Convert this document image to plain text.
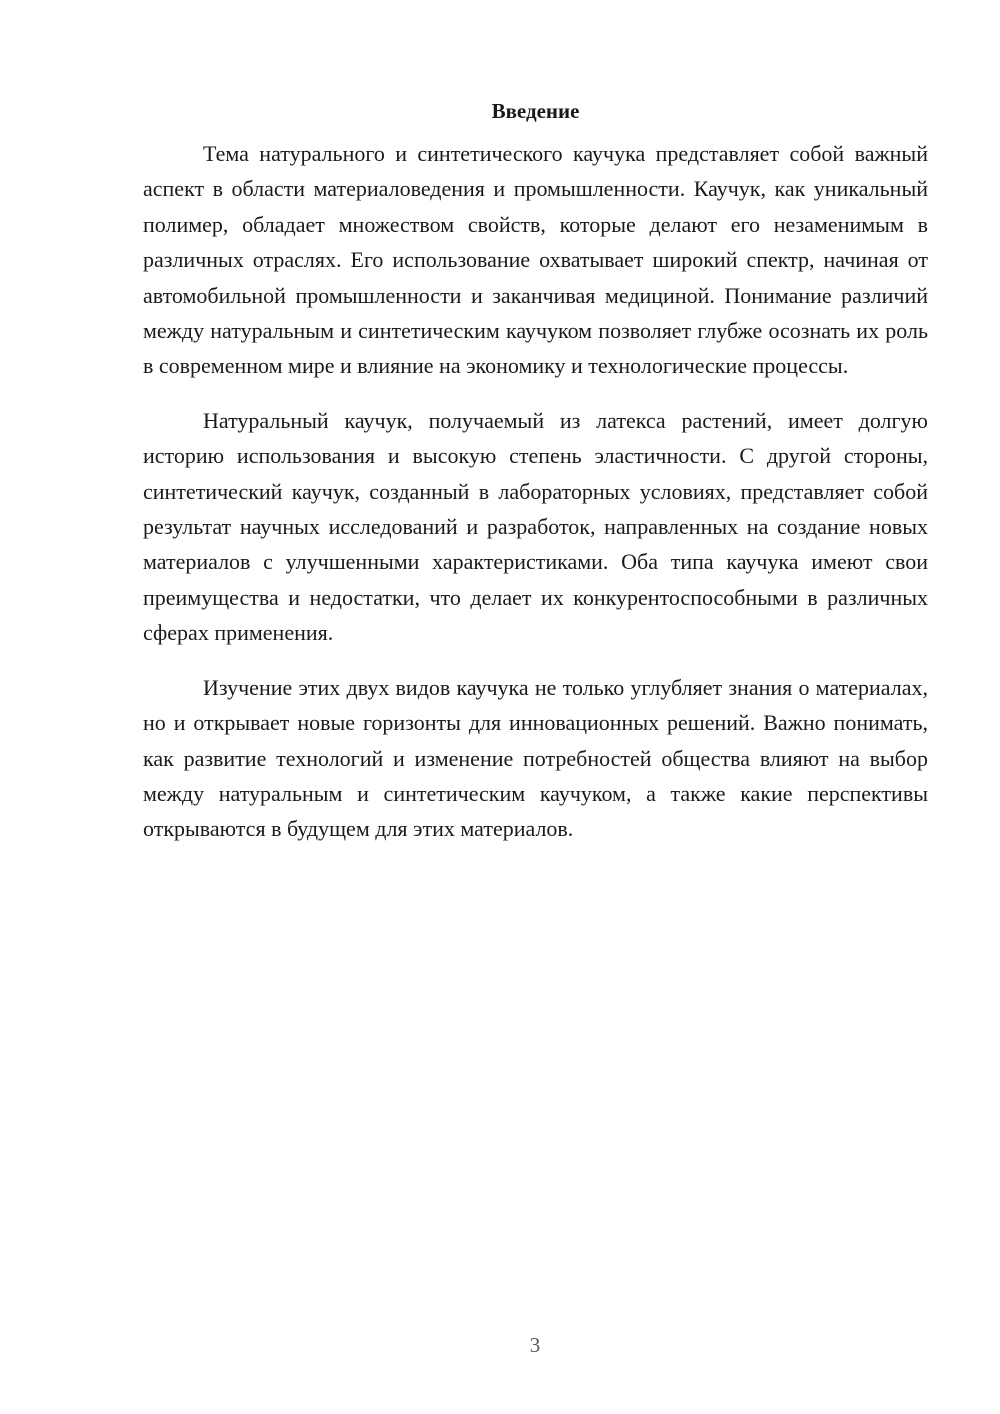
Введение

Тема натурального и синтетического каучука представляет собой важный аспект в области материаловедения и промышленности. Каучук, как уникальный полимер, обладает множеством свойств, которые делают его незаменимым в различных отраслях. Его использование охватывает широкий спектр, начиная от автомобильной промышленности и заканчивая медициной. Понимание различий между натуральным и синтетическим каучуком позволяет глубже осознать их роль в современном мире и влияние на экономику и технологические процессы.

Натуральный каучук, получаемый из латекса растений, имеет долгую историю использования и высокую степень эластичности. С другой стороны, синтетический каучук, созданный в лабораторных условиях, представляет собой результат научных исследований и разработок, направленных на создание новых материалов с улучшенными характеристиками. Оба типа каучука имеют свои преимущества и недостатки, что делает их конкурентоспособными в различных сферах применения.

Изучение этих двух видов каучука не только углубляет знания о материалах, но и открывает новые горизонты для инновационных решений. Важно понимать, как развитие технологий и изменение потребностей общества влияют на выбор между натуральным и синтетическим каучуком, а также какие перспективы открываются в будущем для этих материалов.

3
